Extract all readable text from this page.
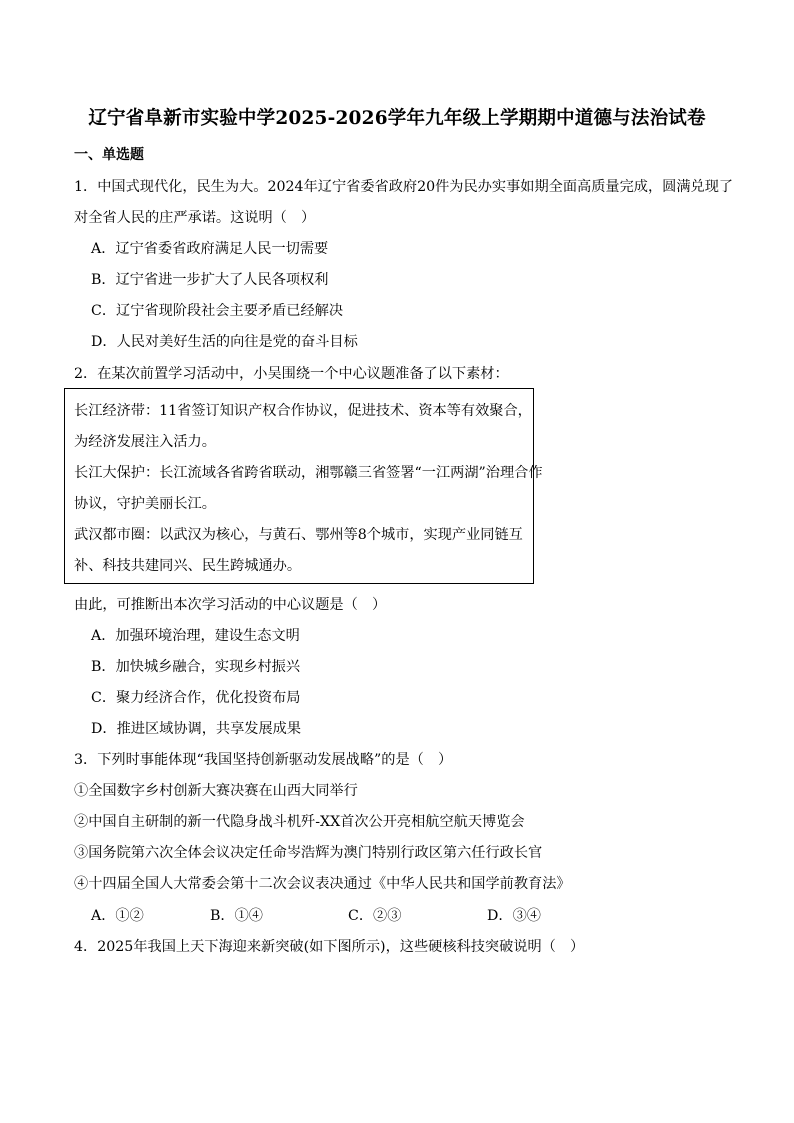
辽宁省阜新市实验中学2025-2026学年九年级上学期期中道德与法治试卷
一、单选题
1．中国式现代化，民生为大。2024年辽宁省委省政府20件为民办实事如期全面高质量完成，圆满兑现了
对全省人民的庄严承诺。这说明（　）
A．辽宁省委省政府满足人民一切需要
B．辽宁省进一步扩大了人民各项权利
C．辽宁省现阶段社会主要矛盾已经解决
D．人民对美好生活的向往是党的奋斗目标
2．在某次前置学习活动中，小吴围绕一个中心议题准备了以下素材：
长江经济带：11省签订知识产权合作协议，促进技术、资本等有效聚合，
为经济发展注入活力。
长江大保护：长江流域各省跨省联动，湘鄂赣三省签署“一江两湖”治理合作
协议，守护美丽长江。
武汉都市圈：以武汉为核心，与黄石、鄂州等8个城市，实现产业同链互
补、科技共建同兴、民生跨城通办。
由此，可推断出本次学习活动的中心议题是（　）
A．加强环境治理，建设生态文明
B．加快城乡融合，实现乡村振兴
C．聚力经济合作，优化投资布局
D．推进区域协调，共享发展成果
3．下列时事能体现“我国坚持创新驱动发展战略”的是（　）
①全国数字乡村创新大赛决赛在山西大同举行
②中国自主研制的新一代隐身战斗机歼-XX首次公开亮相航空航天博览会
③国务院第六次全体会议决定任命岑浩辉为澳门特别行政区第六任行政长官
④十四届全国人大常委会第十二次会议表决通过《中华人民共和国学前教育法》
A．①②	B．①④	C．②③	D．③④
4．2025年我国上天下海迎来新突破(如下图所示)，这些硬核科技突破说明（　）
